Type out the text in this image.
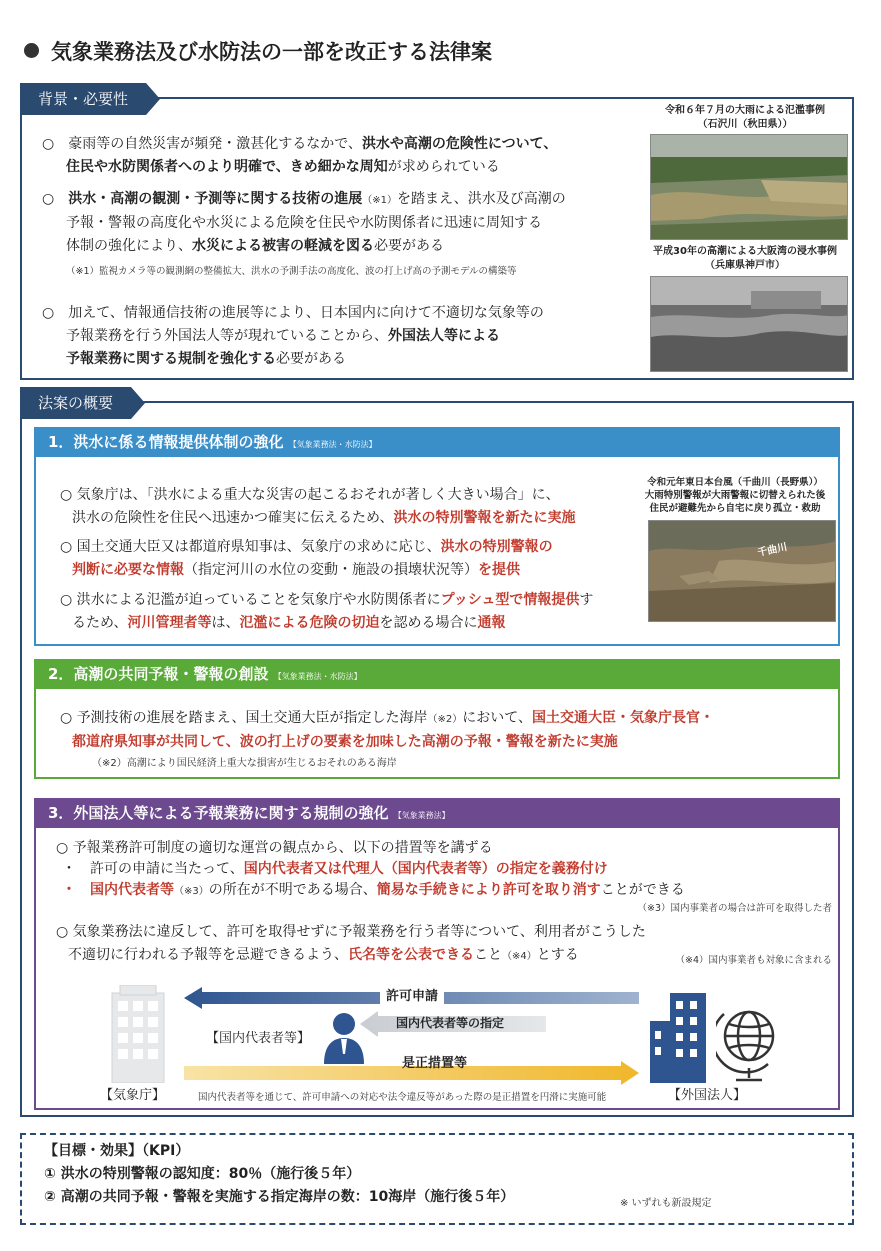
気象業務法及び水防法の一部を改正する法律案
背景・必要性
○　豪雨等の自然災害が頻発・激甚化するなかで、洪水や高潮の危険性について、
住民や水防関係者へのより明確で、きめ細かな周知が求められている
○　洪水・高潮の観測・予測等に関する技術の進展（※1）を踏まえ、洪水及び高潮の
予報・警報の高度化や水災による危険を住民や水防関係者に迅速に周知する
体制の強化により、水災による被害の軽減を図る必要がある
（※1）監視カメラ等の観測網の整備拡大、洪水の予測手法の高度化、波の打上げ高の予測モデルの構築等
○　加えて、情報通信技術の進展等により、日本国内に向けて不適切な気象等の
予報業務を行う外国法人等が現れていることから、外国法人等による
予報業務に関する規制を強化する必要がある
令和６年７月の大雨による氾濫事例
（石沢川（秋田県））
平成30年の高潮による大阪湾の浸水事例
（兵庫県神戸市）
法案の概要
1．洪水に係る情報提供体制の強化 【気象業務法・水防法】
○ 気象庁は、「洪水による重大な災害の起こるおそれが著しく大きい場合」に、
洪水の危険性を住民へ迅速かつ確実に伝えるため、洪水の特別警報を新たに実施
○ 国土交通大臣又は都道府県知事は、気象庁の求めに応じ、洪水の特別警報の
判断に必要な情報（指定河川の水位の変動・施設の損壊状況等）を提供
○ 洪水による氾濫が迫っていることを気象庁や水防関係者にプッシュ型で情報提供す
るため、河川管理者等は、氾濫による危険の切迫を認める場合に通報
令和元年東日本台風（千曲川（長野県））
大雨特別警報が大雨警報に切替えられた後
住民が避難先から自宅に戻り孤立・救助
千曲川
2．高潮の共同予報・警報の創設 【気象業務法・水防法】
○ 予測技術の進展を踏まえ、国土交通大臣が指定した海岸（※2）において、国土交通大臣・気象庁長官・
都道府県知事が共同して、波の打上げの要素を加味した高潮の予報・警報を新たに実施
（※2）高潮により国民経済上重大な損害が生じるおそれのある海岸
3．外国法人等による予報業務に関する規制の強化 【気象業務法】
○ 予報業務許可制度の適切な運営の観点から、以下の措置等を講ずる
・　許可の申請に当たって、国内代表者又は代理人（国内代表者等）の指定を義務付け
・　国内代表者等（※3）の所在が不明である場合、簡易な手続きにより許可を取り消すことができる
（※3）国内事業者の場合は許可を取得した者
○ 気象業務法に違反して、許可を取得せずに予報業務を行う者等について、利用者がこうした
不適切に行われる予報等を忌避できるよう、氏名等を公表できること（※4）とする	（※4）国内事業者も対象に含まれる
【気象庁】
許可申請
国内代表者等の指定
【国内代表者等】
是正措置等
国内代表者等を通じて、許可申請への対応や法令違反等があった際の是正措置を円滑に実施可能	【外国法人】
【目標・効果】（KPI）
① 洪水の特別警報の認知度：80％（施行後５年）
② 高潮の共同予報・警報を実施する指定海岸の数：10海岸（施行後５年）	※ いずれも新設規定
